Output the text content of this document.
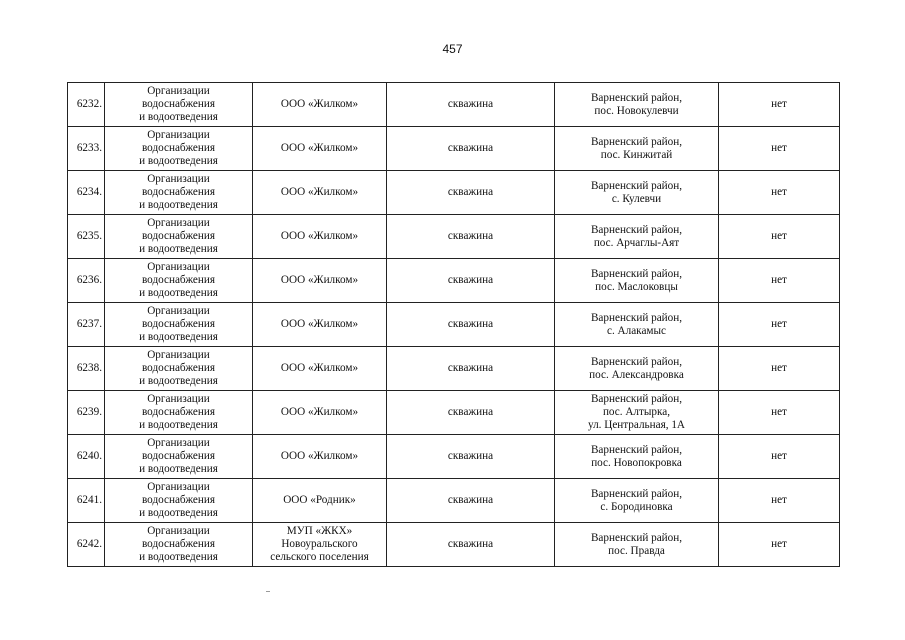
457
6232.	Организации
водоснабжения
и водоотведения	ООО «Жилком»	скважина	Варненский район,
пос. Новокулевчи	нет
6233.	Организации
водоснабжения
и водоотведения	ООО «Жилком»	скважина	Варненский район,
пос. Кинжитай	нет
6234.	Организации
водоснабжения
и водоотведения	ООО «Жилком»	скважина	Варненский район,
с. Кулевчи	нет
6235.	Организации
водоснабжения
и водоотведения	ООО «Жилком»	скважина	Варненский район,
пос. Арчаглы-Аят	нет
6236.	Организации
водоснабжения
и водоотведения	ООО «Жилком»	скважина	Варненский район,
пос. Маслоковцы	нет
6237.	Организации
водоснабжения
и водоотведения	ООО «Жилком»	скважина	Варненский район,
с. Алакамыс	нет
6238.	Организации
водоснабжения
и водоотведения	ООО «Жилком»	скважина	Варненский район,
пос. Александровка	нет
6239.	Организации
водоснабжения
и водоотведения	ООО «Жилком»	скважина	Варненский район,
пос. Алтырка,
ул. Центральная, 1А	нет
6240.	Организации
водоснабжения
и водоотведения	ООО «Жилком»	скважина	Варненский район,
пос. Новопокровка	нет
6241.	Организации
водоснабжения
и водоотведения	ООО «Родник»	скважина	Варненский район,
с. Бородиновка	нет
6242.	Организации
водоснабжения
и водоотведения	МУП «ЖКХ»
Новоуральского
сельского поселения	скважина	Варненский район,
пос. Правда	нет
